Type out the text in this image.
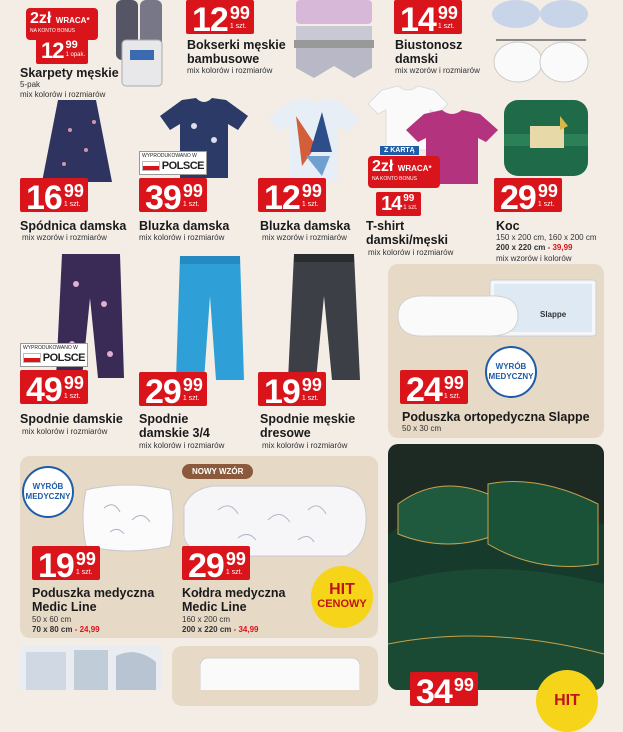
2zł WRACA*
NA KONTO BONUS
12 99
1 opak.
Skarpety męskie
5-pak
mix kolorów i rozmiarów
12 99
1 szt.
Bokserki męskie
bambusowe
mix kolorów i rozmiarów
14 99
1 szt.
Biustonosz
damski
mix wzorów i rozmiarów
16 99
1 szt.
Spódnica damska
mix wzorów i rozmiarów
WYPRODUKOWANO W
POLSCE
39 99
1 szt.
Bluzka damska
mix kolorów i rozmiarów
12 99
1 szt.
Bluzka damska
mix wzorów i rozmiarów
Z KARTĄ
2zł WRACA*
NA KONTO BONUS
14 99
1 szt.
T-shirt
damski/męski
mix kolorów i rozmiarów
29 99
1 szt.
Koc
150 x 200 cm, 160 x 200 cm
200 x 220 cm - 39,99
mix wzorów i kolorów
WYPRODUKOWANO W
POLSCE
49 99
1 szt.
Spodnie damskie
mix kolorów i rozmiarów
29 99
1 szt.
Spodnie
damskie 3/4
mix kolorów i rozmiarów
19 99
1 szt.
Spodnie męskie
dresowe
mix kolorów i rozmiarów
Slappe
WYRÓB MEDYCZNY
24 99
1 szt.
Poduszka ortopedyczna Slappe
50 x 30 cm
WYRÓB MEDYCZNY
19 99
1 szt.
Poduszka medyczna
Medic Line
50 x 60 cm
70 x 80 cm - 24,99
NOWY WZÓR
29 99
1 szt.
HIT
CENOWY
Kołdra medyczna
Medic Line
160 x 200 cm
200 x 220 cm - 34,99
34 99
HIT
